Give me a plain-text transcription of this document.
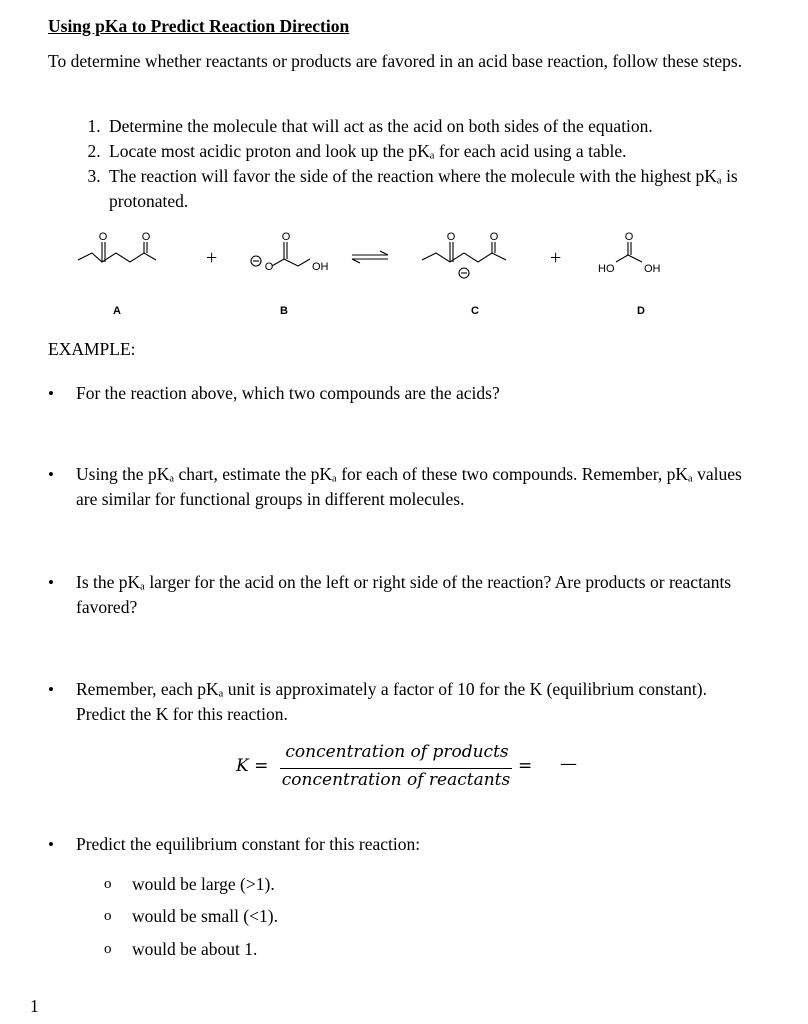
Using pKa to Predict Reaction Direction
To determine whether reactants or products are favored in an acid base reaction, follow these steps.
1. Determine the molecule that will act as the acid on both sides of the equation.
2. Locate most acidic proton and look up the pKₐ for each acid using a table.
3. The reaction will favor the side of the reaction where the molecule with the highest pKₐ is protonated.
O	O	O
O	OH
O	O	O
HO	OH
+	+
A	B	C	D
EXAMPLE:
• For the reaction above, which two compounds are the acids?
• Using the pKₐ chart, estimate the pKₐ for each of these two compounds. Remember, pKₐ values are similar for functional groups in different molecules.
• Is the pKₐ larger for the acid on the left or right side of the reaction? Are products or reactants favored?
• Remember, each pKₐ unit is approximately a factor of 10 for the K (equilibrium constant). Predict the K for this reaction.
K =
concentration of products
concentration of reactants
= —
• Predict the equilibrium constant for this reaction:
o would be large (>1).
o would be small (<1).
o would be about 1.
1
